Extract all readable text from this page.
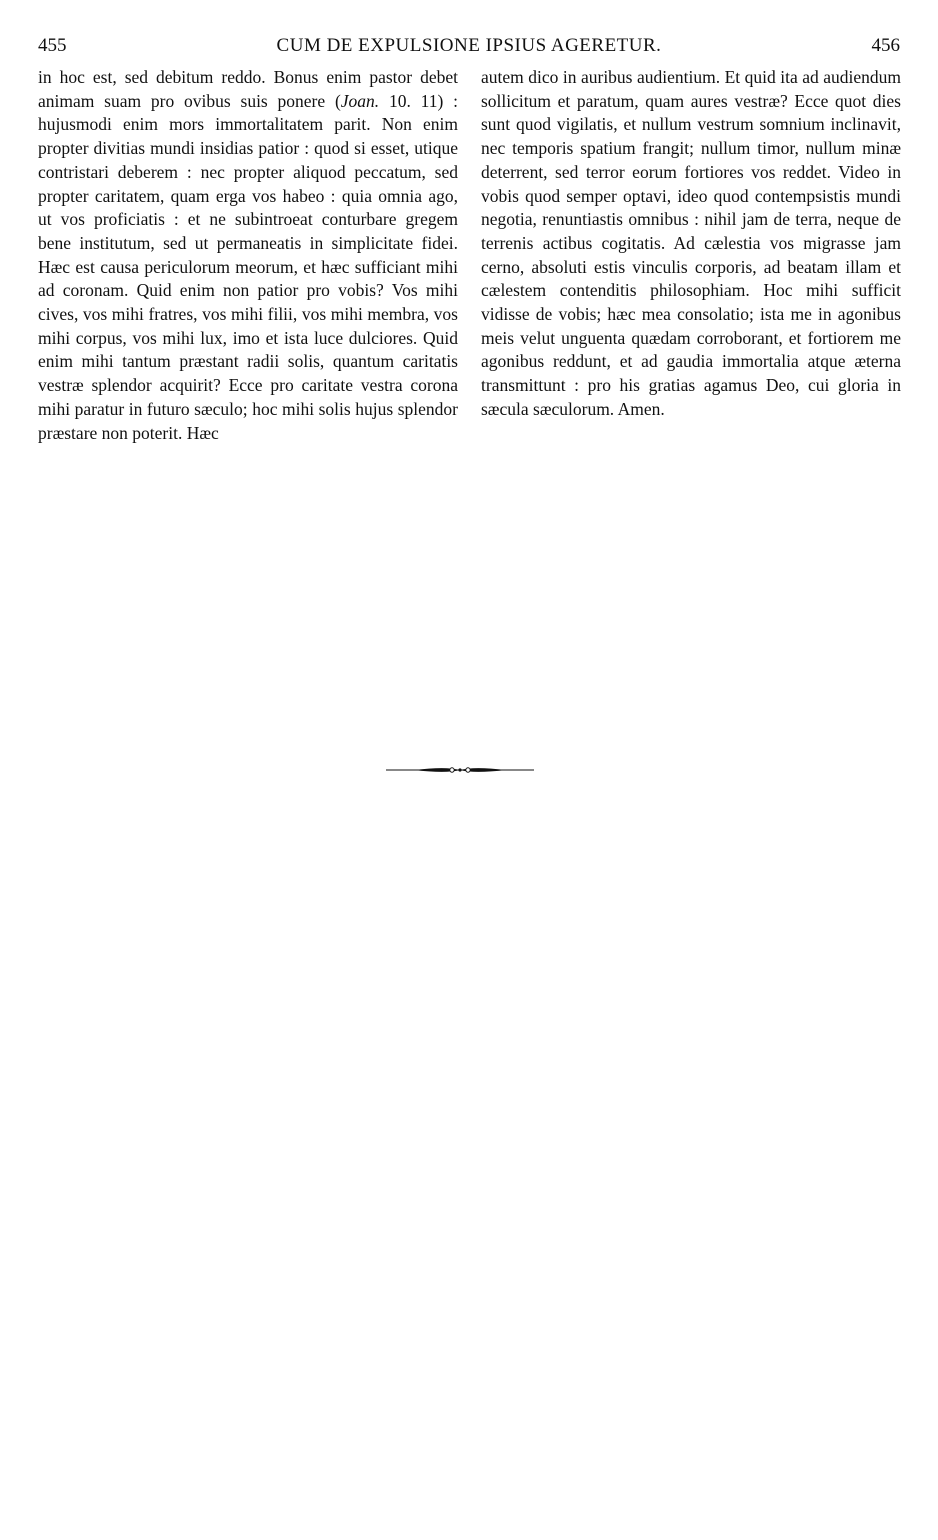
455	CUM DE EXPULSIONE IPSIUS AGERETUR.	456

in hoc est, sed debitum reddo. Bonus enim pastor debet animam suam pro ovibus suis ponere (Joan. 10. 11) : hujusmodi enim mors immortalitatem parit. Non enim propter divitias mundi insidias patior : quod si esset, utique contristari deberem : nec propter aliquod peccatum, sed propter caritatem, quam erga vos habeo : quia omnia ago, ut vos proficiatis : et ne subintroeat conturbare gregem bene institutum, sed ut permaneatis in simplicitate fidei. Hæc est causa periculorum meorum, et hæc sufficiant mihi ad coronam. Quid enim non patior pro vobis? Vos mihi cives, vos mihi fratres, vos mihi filii, vos mihi membra, vos mihi corpus, vos mihi lux, imo et ista luce dulciores. Quid enim mihi tantum præstant radii solis, quantum caritatis vestræ splendor acquirit? Ecce pro caritate vestra corona mihi paratur in futuro sæculo; hoc mihi solis hujus splendor præstare non poterit. Hæc

autem dico in auribus audientium. Et quid ita ad audiendum sollicitum et paratum, quam aures vestræ? Ecce quot dies sunt quod vigilatis, et nullum vestrum somnium inclinavit, nec temporis spatium frangit; nullum timor, nullum minæ deterrent, sed terror eorum fortiores vos reddet. Video in vobis quod semper optavi, ideo quod contempsistis mundi negotia, renuntiastis omnibus : nihil jam de terra, neque de terrenis actibus cogitatis. Ad cælestia vos migrasse jam cerno, absoluti estis vinculis corporis, ad beatam illam et cælestem contenditis philosophiam. Hoc mihi sufficit vidisse de vobis; hæc mea consolatio; ista me in agonibus meis velut unguenta quædam corroborant, et fortiorem me agonibus reddunt, et ad gaudia immortalia atque æterna transmittunt : pro his gratias agamus Deo, cui gloria in sæcula sæculorum. Amen.
